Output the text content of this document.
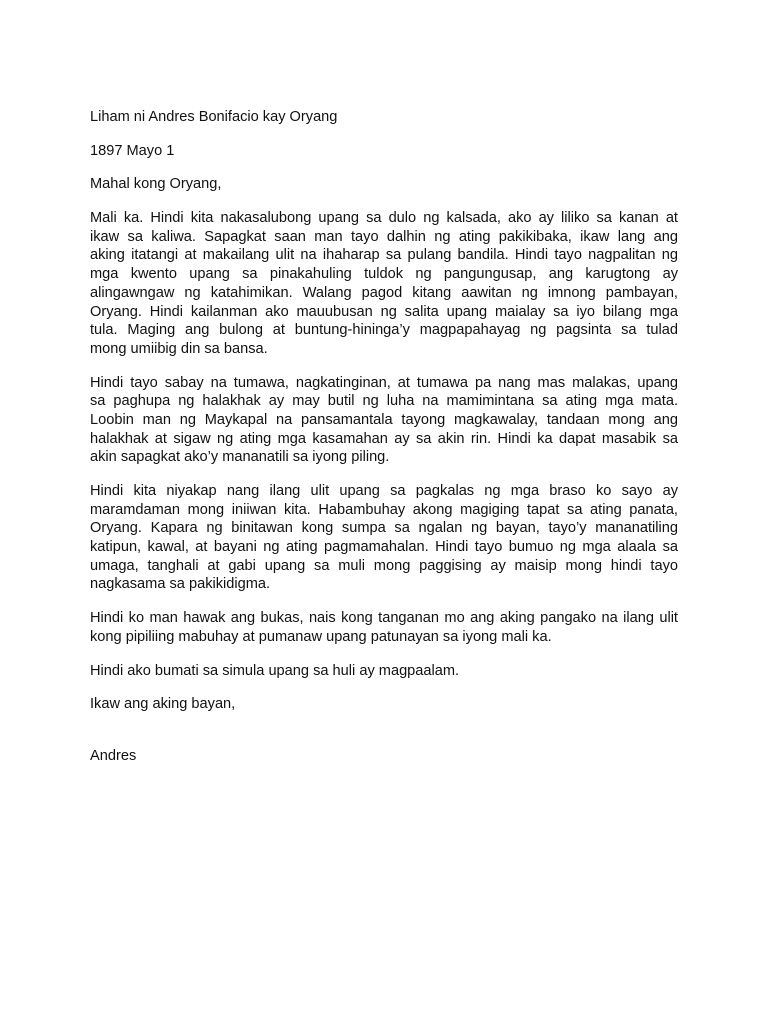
Liham ni Andres Bonifacio kay Oryang
1897 Mayo 1
Mahal kong Oryang,
Mali ka. Hindi kita nakasalubong upang sa dulo ng kalsada, ako ay liliko sa kanan at
ikaw sa kaliwa. Sapagkat saan man tayo dalhin ng ating pakikibaka, ikaw lang ang
aking itatangi at makailang ulit na ihaharap sa pulang bandila. Hindi tayo nagpalitan ng
mga kwento upang sa pinakahuling tuldok ng pangungusap, ang karugtong ay
alingawngaw ng katahimikan. Walang pagod kitang aawitan ng imnong pambayan,
Oryang. Hindi kailanman ako mauubusan ng salita upang maialay sa iyo bilang mga
tula. Maging ang bulong at buntung-hininga’y magpapahayag ng pagsinta sa tulad
mong umiibig din sa bansa.
Hindi tayo sabay na tumawa, nagkatinginan, at tumawa pa nang mas malakas, upang
sa paghupa ng halakhak ay may butil ng luha na mamimintana sa ating mga mata.
Loobin man ng Maykapal na pansamantala tayong magkawalay, tandaan mong ang
halakhak at sigaw ng ating mga kasamahan ay sa akin rin. Hindi ka dapat masabik sa
akin sapagkat ako’y mananatili sa iyong piling.
Hindi kita niyakap nang ilang ulit upang sa pagkalas ng mga braso ko sayo ay
maramdaman mong iniiwan kita. Habambuhay akong magiging tapat sa ating panata,
Oryang. Kapara ng binitawan kong sumpa sa ngalan ng bayan, tayo’y mananatiling
katipun, kawal, at bayani ng ating pagmamahalan. Hindi tayo bumuo ng mga alaala sa
umaga, tanghali at gabi upang sa muli mong paggising ay maisip mong hindi tayo
nagkasama sa pakikidigma.
Hindi ko man hawak ang bukas, nais kong tanganan mo ang aking pangako na ilang ulit
kong pipiliing mabuhay at pumanaw upang patunayan sa iyong mali ka.
Hindi ako bumati sa simula upang sa huli ay magpaalam.
Ikaw ang aking bayan,
Andres
